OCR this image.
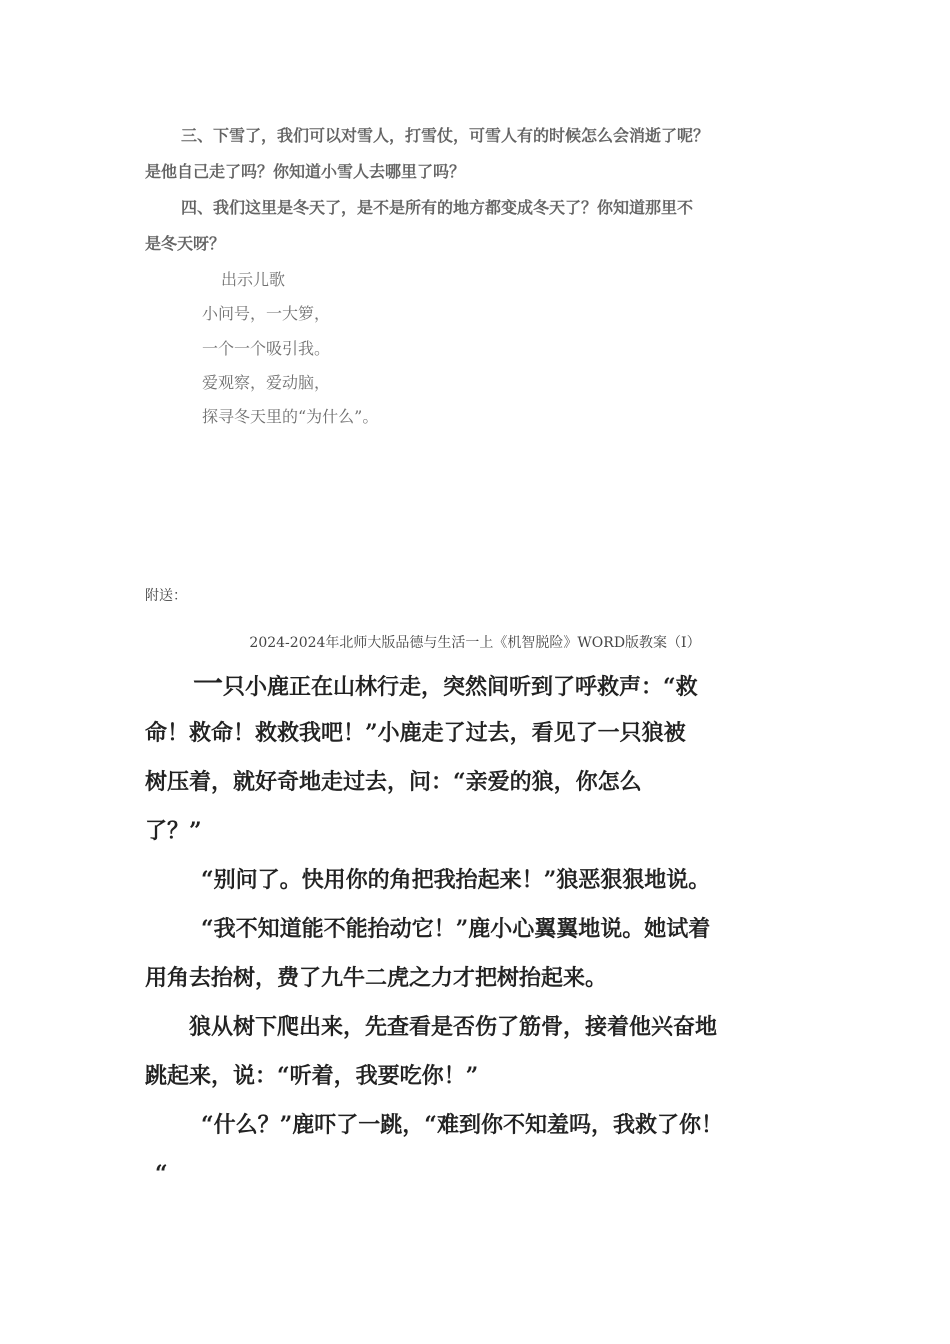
三、下雪了，我们可以对雪人，打雪仗，可雪人有的时候怎么会消逝了呢？
是他自己走了吗？你知道小雪人去哪里了吗？
四、我们这里是冬天了，是不是所有的地方都变成冬天了？你知道那里不
是冬天呀？
出示儿歌
小问号，一大箩，
一个一个吸引我。
爱观察，爱动脑，
探寻冬天里的“为什么”。
附送：
2024-2024年北师大版品德与生活一上《机智脱险》WORD版教案（I）
一只小鹿正在山林行走，突然间听到了呼救声：“救
命！救命！救救我吧！”小鹿走了过去，看见了一只狼被
树压着，就好奇地走过去，问：“亲爱的狼，你怎么
了？”
“别问了。快用你的角把我抬起来！”狼恶狠狠地说。
“我不知道能不能抬动它！”鹿小心翼翼地说。她试着
用角去抬树，费了九牛二虎之力才把树抬起来。
狼从树下爬出来，先查看是否伤了筋骨，接着他兴奋地
跳起来，说：“听着，我要吃你！”
“什么？”鹿吓了一跳，“难到你不知羞吗，我救了你！
“
